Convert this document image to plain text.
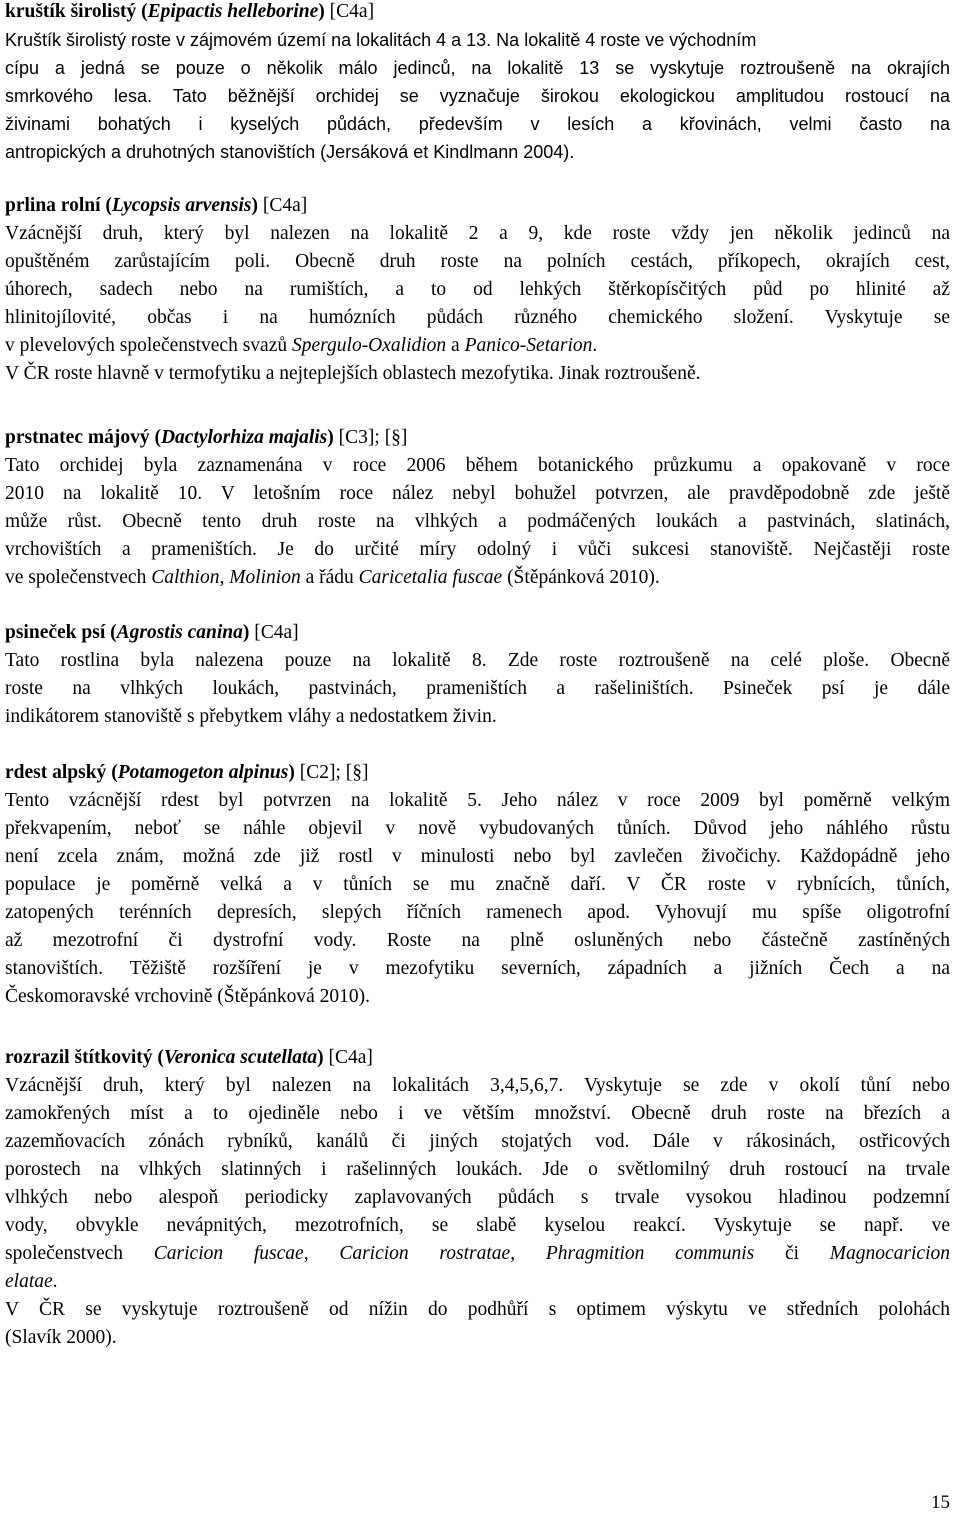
kruštík širolistý (Epipactis helleborine) [C4a]
Kruštík širolistý roste v zájmovém území na lokalitách 4 a 13. Na lokalitě 4 roste ve východním
cípu a jedná se pouze o několik málo jedinců, na lokalitě 13 se vyskytuje roztroušeně na okrajích
smrkového lesa. Tato běžnější orchidej se vyznačuje širokou ekologickou amplitudou rostoucí na
živinami bohatých i kyselých půdách, především v lesích a křovinách, velmi často na
antropických a druhotných stanovištích (Jersáková et Kindlmann 2004).
prlina rolní (Lycopsis arvensis) [C4a]
Vzácnější druh, který byl nalezen na lokalitě 2 a 9, kde roste vždy jen několik jedinců na
opuštěném zarůstajícím poli. Obecně druh roste na polních cestách, příkopech, okrajích cest,
úhorech, sadech nebo na rumištích, a to od lehkých štěrkopísčitých půd po hlinité až
hlinitojílovité, občas i na humózních půdách různého chemického složení. Vyskytuje se
v plevelových společenstvech svazů Spergulo-Oxalidion a Panico-Setarion.
V ČR roste hlavně v termofytiku a nejteplejších oblastech mezofytika. Jinak roztroušeně.
prstnatec májový (Dactylorhiza majalis) [C3]; [§]
Tato orchidej byla zaznamenána v roce 2006 během botanického průzkumu a opakovaně v roce
2010 na lokalitě 10. V letošním roce nález nebyl bohužel potvrzen, ale pravděpodobně zde ještě
může růst. Obecně tento druh roste na vlhkých a podmáčených loukách a pastvinách, slatinách,
vrchovištích a prameništích. Je do určité míry odolný i vůči sukcesi stanoviště. Nejčastěji roste
ve společenstvech Calthion, Molinion a řádu Caricetalia fuscae (Štěpánková 2010).
psineček psí (Agrostis canina) [C4a]
Tato rostlina byla nalezena pouze na lokalitě 8. Zde roste roztroušeně na celé ploše. Obecně
roste na vlhkých loukách, pastvinách, prameništích a rašeliništích. Psineček psí je dále
indikátorem stanoviště s přebytkem vláhy a nedostatkem živin.
rdest alpský (Potamogeton alpinus) [C2]; [§]
Tento vzácnější rdest byl potvrzen na lokalitě 5. Jeho nález v roce 2009 byl poměrně velkým
překvapením, neboť se náhle objevil v nově vybudovaných tůních. Důvod jeho náhlého růstu
není zcela znám, možná zde již rostl v minulosti nebo byl zavlečen živočichy. Každopádně jeho
populace je poměrně velká a v tůních se mu značně daří. V ČR roste v rybnících, tůních,
zatopených terénních depresích, slepých říčních ramenech apod. Vyhovují mu spíše oligotrofní
až mezotrofní či dystrofní vody. Roste na plně osluněných nebo částečně zastíněných
stanovištích. Těžiště rozšíření je v mezofytiku severních, západních a jižních Čech a na
Českomoravské vrchovině (Štěpánková 2010).
rozrazil štítkovitý (Veronica scutellata) [C4a]
Vzácnější druh, který byl nalezen na lokalitách 3,4,5,6,7. Vyskytuje se zde v okolí tůní nebo
zamokřených míst a to ojediněle nebo i ve větším množství. Obecně druh roste na březích a
zazemňovacích zónách rybníků, kanálů či jiných stojatých vod. Dále v rákosinách, ostřicových
porostech na vlhkých slatinných i rašelinných loukách. Jde o světlomilný druh rostoucí na trvale
vlhkých nebo alespoň periodicky zaplavovaných půdách s trvale vysokou hladinou podzemní
vody, obvykle nevápnitých, mezotrofních, se slabě kyselou reakcí. Vyskytuje se např. ve
společenstvech Caricion fuscae, Caricion rostratae, Phragmition communis či Magnocaricion
elatae.
V ČR se vyskytuje roztroušeně od nížin do podhůří s optimem výskytu ve středních polohách
(Slavík 2000).
15
